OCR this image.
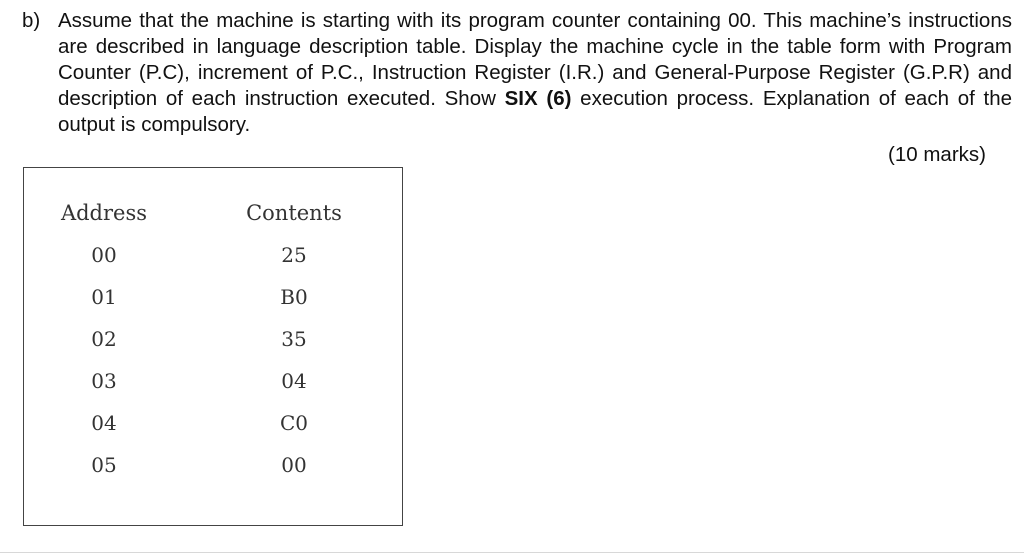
b) Assume that the machine is starting with its program counter containing 00. This machine’s instructions are described in language description table. Display the machine cycle in the table form with Program Counter (P.C), increment of P.C., Instruction Register (I.R.) and General-Purpose Register (G.P.R) and description of each instruction executed. Show SIX (6) execution process. Explanation of each of the output is compulsory.
(10 marks)
Address
00
01
02
03
04
05
Contents
25
B0
35
04
C0
00
